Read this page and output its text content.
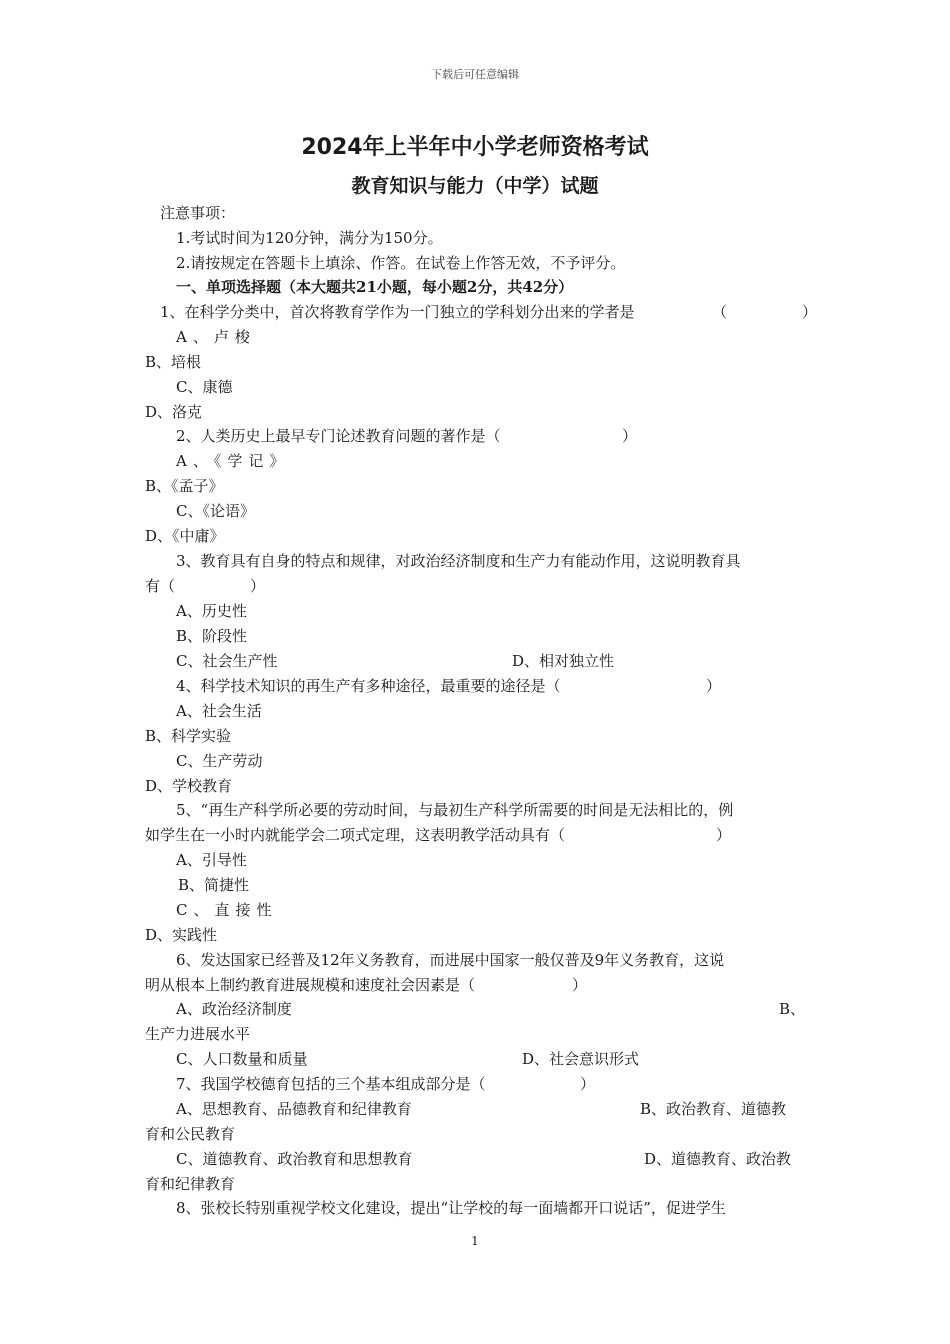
下载后可任意编辑
2024年上半年中小学老师资格考试
教育知识与能力（中学）试题
注意事项：
1.考试时间为120分钟，满分为150分。
2.请按规定在答题卡上填涂、作答。在试卷上作答无效，不予评分。
一、单项选择题（本大题共21小题，每小题2分，共42分）
1、在科学分类中，首次将教育学作为一门独立的学科划分出来的学者是	（　　　　　）
A、卢梭
B、培根
C、康德
D、洛克
2、人类历史上最早专门论述教育问题的著作是（	）
A、《学记》
B、《孟子》
C、《论语》
D、《中庸》
3、教育具有自身的特点和规律，对政治经济制度和生产力有能动作用，这说明教育具
有（　　　　　）
A、历史性
B、阶段性
C、社会生产性	D、相对独立性
4、科学技术知识的再生产有多种途径，最重要的途径是（	）
A、社会生活
B、科学实验
C、生产劳动
D、学校教育
5、“再生产科学所必要的劳动时间，与最初生产科学所需要的时间是无法相比的，例
如学生在一小时内就能学会二项式定理，这表明教学活动具有（	）
A、引导性
B、简捷性
C、直接性
D、实践性
6、发达国家已经普及12年义务教育，而进展中国家一般仅普及9年义务教育，这说
明从根本上制约教育进展规模和速度社会因素是（	）
A、政治经济制度	B、
生产力进展水平
C、人口数量和质量	D、社会意识形式
7、我国学校德育包括的三个基本组成部分是（	）
A、思想教育、品德教育和纪律教育	B、政治教育、道德教
育和公民教育
C、道德教育、政治教育和思想教育	D、道德教育、政治教
育和纪律教育
8、张校长特别重视学校文化建设，提出“让学校的每一面墙都开口说话”，促进学生
1
